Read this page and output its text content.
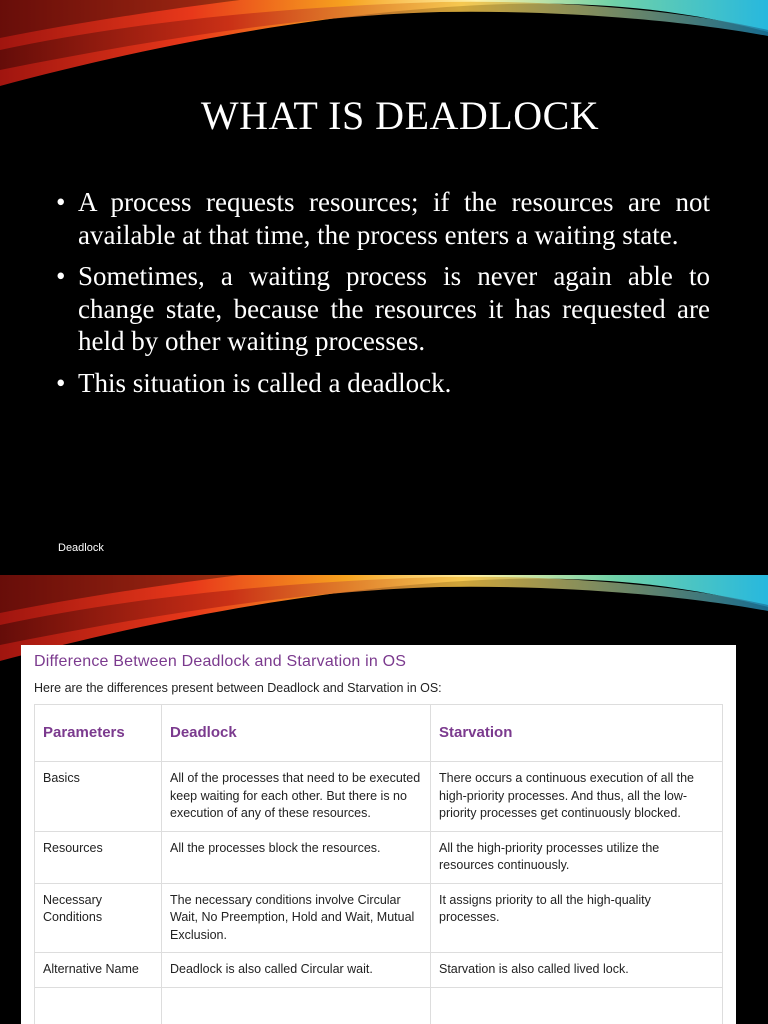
WHAT IS DEADLOCK
• A process requests resources; if the resources are not available at that time, the process enters a waiting state.
• Sometimes, a waiting process is never again able to change state, because the resources it has requested are held by other waiting processes.
• This situation is called a deadlock.
Deadlock
Difference Between Deadlock and Starvation in OS
Here are the differences present between Deadlock and Starvation in OS:
Parameters	Deadlock	Starvation
Basics	All of the processes that need to be executed keep waiting for each other. But there is no execution of any of these resources.	There occurs a continuous execution of all the high-priority processes. And thus, all the low-priority processes get continuously blocked.
Resources	All the processes block the resources.	All the high-priority processes utilize the resources continuously.
Necessary Conditions	The necessary conditions involve Circular Wait, No Preemption, Hold and Wait, Mutual Exclusion.	It assigns priority to all the high-quality processes.
Alternative Name	Deadlock is also called Circular wait.	Starvation is also called lived lock.
